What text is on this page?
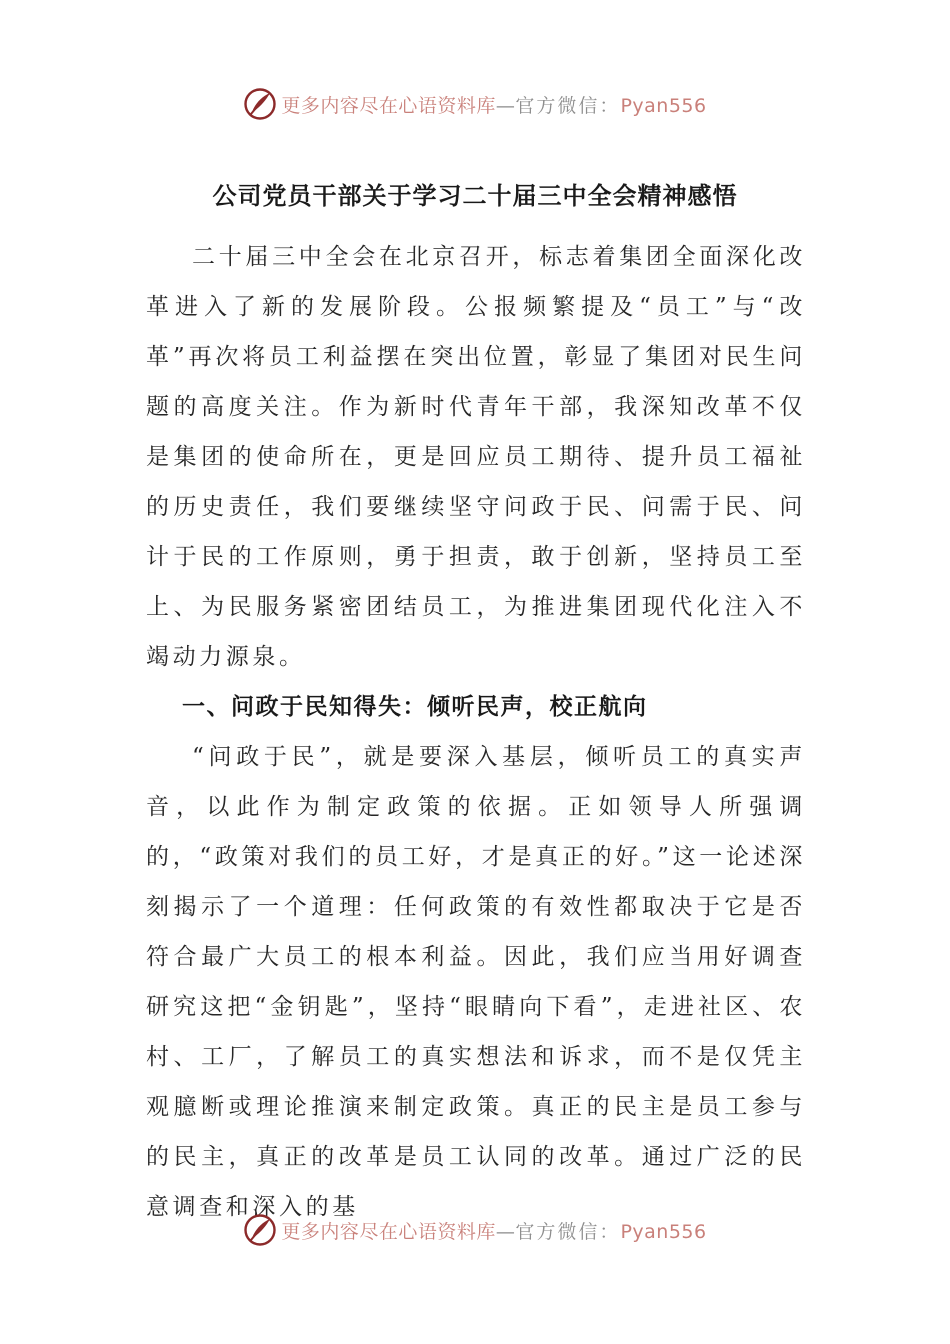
更多内容尽在心语资料库—官方微信：Pyan556
公司党员干部关于学习二十届三中全会精神感悟

二十届三中全会在北京召开，标志着集团全面深化改革进入了新的发展阶段。公报频繁提及“员工”与“改革”再次将员工利益摆在突出位置，彰显了集团对民生问题的高度关注。作为新时代青年干部，我深知改革不仅是集团的使命所在，更是回应员工期待、提升员工福祉的历史责任，我们要继续坚守问政于民、问需于民、问计于民的工作原则，勇于担责，敢于创新，坚持员工至上、为民服务紧密团结员工，为推进集团现代化注入不竭动力源泉。

一、问政于民知得失：倾听民声，校正航向

“问政于民”，就是要深入基层，倾听员工的真实声音，以此作为制定政策的依据。正如领导人所强调的，“政策对我们的员工好，才是真正的好。”这一论述深刻揭示了一个道理：任何政策的有效性都取决于它是否符合最广大员工的根本利益。因此，我们应当用好调查研究这把“金钥匙”，坚持“眼睛向下看”，走进社区、农村、工厂，了解员工的真实想法和诉求，而不是仅凭主观臆断或理论推演来制定政策。真正的民主是员工参与的民主，真正的改革是员工认同的改革。通过广泛的民意调查和深入的基

更多内容尽在心语资料库—官方微信：Pyan556
